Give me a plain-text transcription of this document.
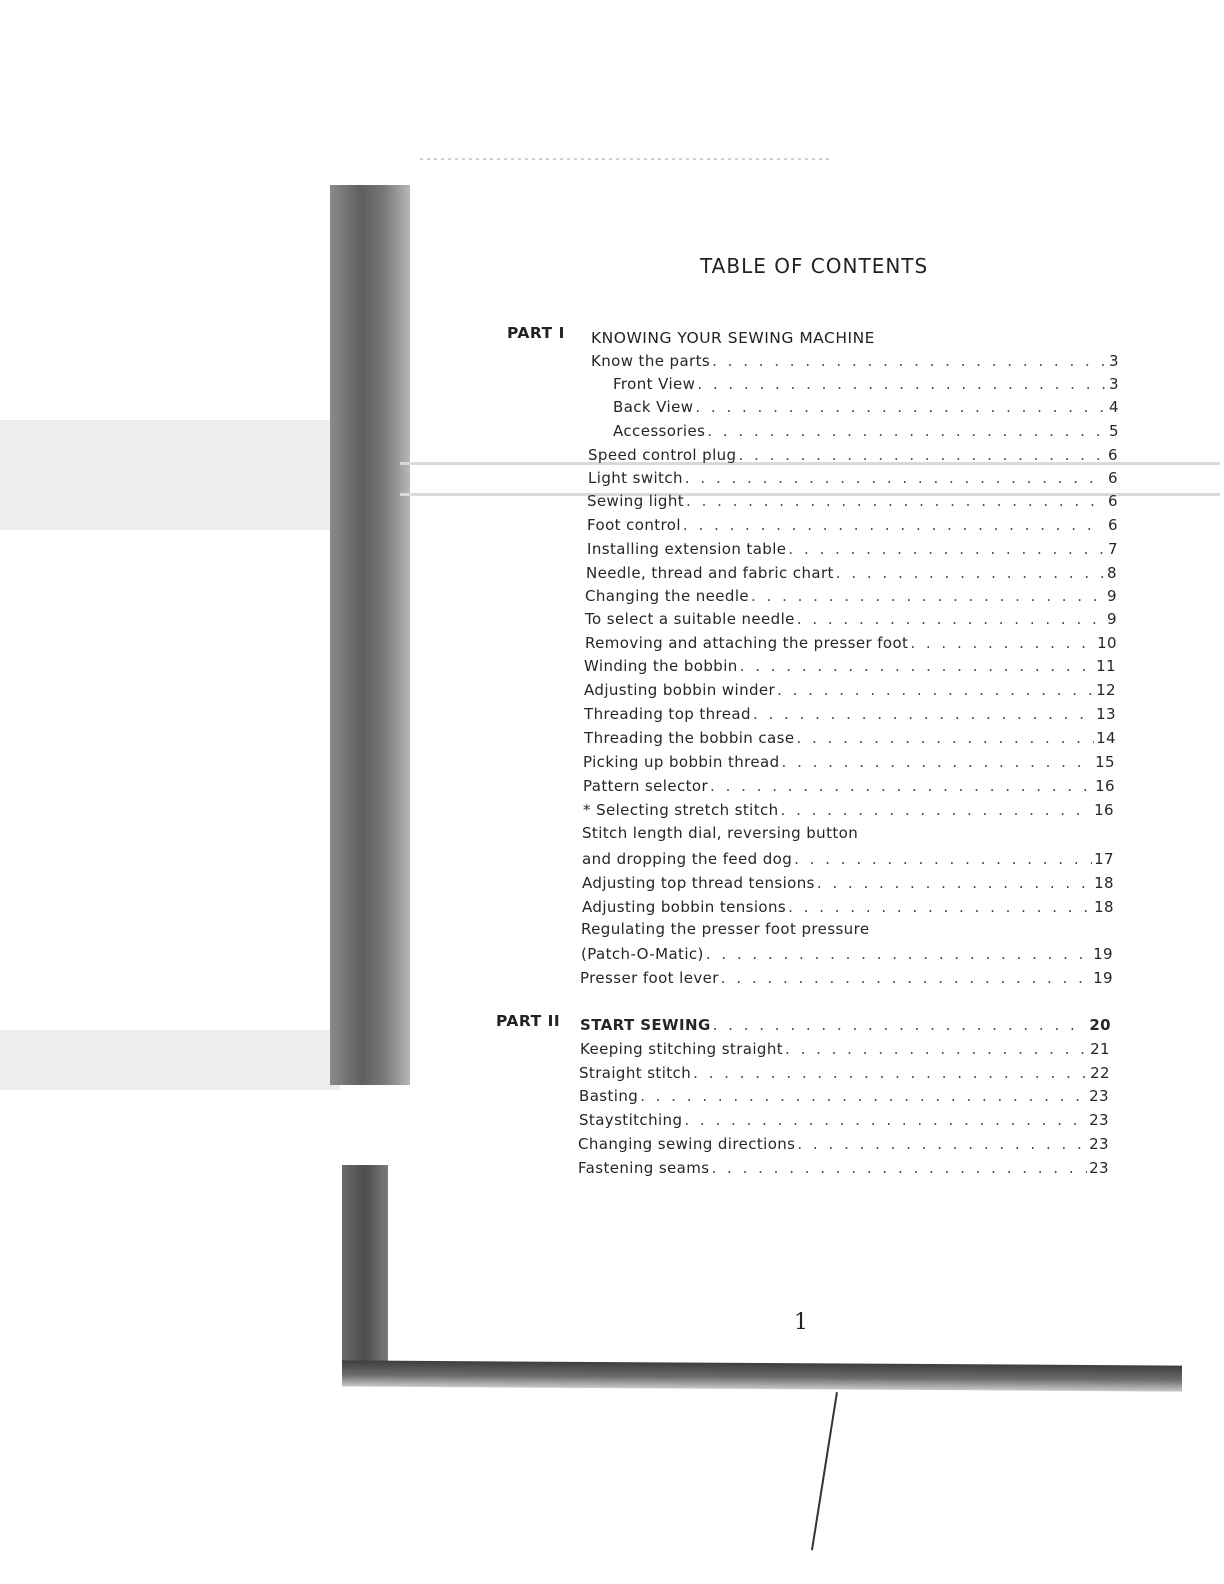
TABLE OF CONTENTS
PART I KNOWING YOUR SEWING MACHINE
Know the parts . . .	3
Front View . . .	3
Back View . . .	4
Accessories . . .	5
Speed control plug . . .	6
Light switch . . .	6
Sewing light . . .	6
Foot control . . .	6
Installing extension table . . .	7
Needle, thread and fabric chart . . .	8
Changing the needle . . .	9
To select a suitable needle . . .	9
Removing and attaching the presser foot . . .	10
Winding the bobbin . . .	11
Adjusting bobbin winder . . .	12
Threading top thread . . .	13
Threading the bobbin case . . .	14
Picking up bobbin thread . . .	15
Pattern selector . . .	16
* Selecting stretch stitch . . .	16
Stitch length dial, reversing button
and dropping the feed dog . . .	17
Adjusting top thread tensions . . .	18
Adjusting bobbin tensions . . .	18
Regulating the presser foot pressure
(Patch-O-Matic) . . .	19
Presser foot lever . . .	19
PART II START SEWING . . .	20
Keeping stitching straight . . .	21
Straight stitch . . .	22
Basting . . .	23
Staystitching . . .	23
Changing sewing directions . . .	23
Fastening seams . . .	23
1
